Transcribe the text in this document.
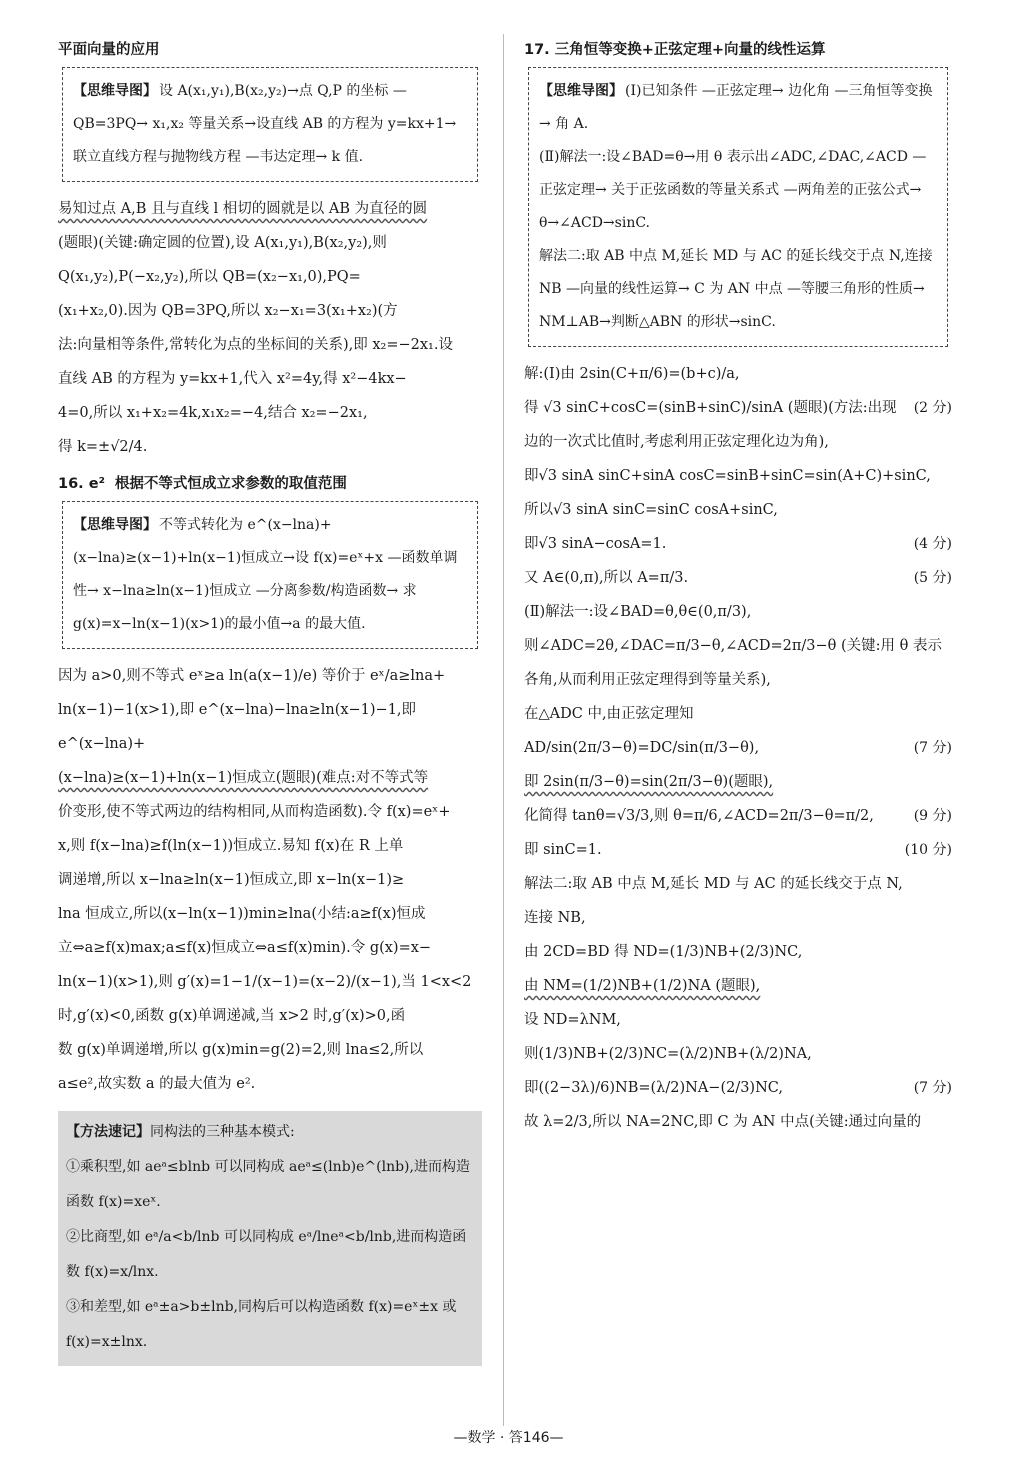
平面向量的应用
【思维导图】 设 A(x₁,y₁),B(x₂,y₂)→点 Q,P 的坐标 —QB=3PQ→ x₁,x₂ 等量关系→设直线 AB 的方程为 y=kx+1→联立直线方程与抛物线方程 —韦达定理→ k 值.

易知过点 A,B 且与直线 l 相切的圆就是以 AB 为直径的圆

(题眼)(关键:确定圆的位置),设 A(x₁,y₁),B(x₂,y₂),则

Q(x₁,y₂),P(−x₂,y₂),所以 QB=(x₂−x₁,0),PQ=

(x₁+x₂,0).因为 QB=3PQ,所以 x₂−x₁=3(x₁+x₂)(方

法:向量相等条件,常转化为点的坐标间的关系),即 x₂=−2x₁.设

直线 AB 的方程为 y=kx+1,代入 x²=4y,得 x²−4kx−

4=0,所以 x₁+x₂=4k,x₁x₂=−4,结合 x₂=−2x₁,

得 k=±√2/4.

16. e² 根据不等式恒成立求参数的取值范围
【思维导图】 不等式转化为 e^(x−lna)+(x−lna)≥(x−1)+ln(x−1)恒成立→设 f(x)=eˣ+x —函数单调性→ x−lna≥ln(x−1)恒成立 —分离参数/构造函数→ 求 g(x)=x−ln(x−1)(x>1)的最小值→a 的最大值.

因为 a>0,则不等式 eˣ≥a ln(a(x−1)/e) 等价于 eˣ/a≥lna+

ln(x−1)−1(x>1),即 e^(x−lna)−lna≥ln(x−1)−1,即 e^(x−lna)+

(x−lna)≥(x−1)+ln(x−1)恒成立(题眼)(难点:对不等式等

价变形,使不等式两边的结构相同,从而构造函数).令 f(x)=eˣ+

x,则 f(x−lna)≥f(ln(x−1))恒成立.易知 f(x)在 R 上单

调递增,所以 x−lna≥ln(x−1)恒成立,即 x−ln(x−1)≥

lna 恒成立,所以(x−ln(x−1))min≥lna(小结:a≥f(x)恒成

立⇔a≥f(x)max;a≤f(x)恒成立⇔a≤f(x)min).令 g(x)=x−

ln(x−1)(x>1),则 g′(x)=1−1/(x−1)=(x−2)/(x−1),当 1<x<2

时,g′(x)<0,函数 g(x)单调递减,当 x>2 时,g′(x)>0,函

数 g(x)单调递增,所以 g(x)min=g(2)=2,则 lna≤2,所以

a≤e²,故实数 a 的最大值为 e².

【方法速记】同构法的三种基本模式:
①乘积型,如 aeᵃ≤blnb 可以同构成 aeᵃ≤(lnb)e^(lnb),进而构造函数 f(x)=xeˣ.
②比商型,如 eᵃ/a<b/lnb 可以同构成 eᵃ/lneᵃ<b/lnb,进而构造函数 f(x)=x/lnx.
③和差型,如 eᵃ±a>b±lnb,同构后可以构造函数 f(x)=eˣ±x 或 f(x)=x±lnx.
17. 三角恒等变换+正弦定理+向量的线性运算
【思维导图】 (Ⅰ)已知条件 —正弦定理→ 边化角 —三角恒等变换→ 角 A.
(Ⅱ)解法一:设∠BAD=θ→用 θ 表示出∠ADC,∠DAC,∠ACD —正弦定理→ 关于正弦函数的等量关系式 —两角差的正弦公式→ θ→∠ACD→sinC.
解法二:取 AB 中点 M,延长 MD 与 AC 的延长线交于点 N,连接 NB —向量的线性运算→ C 为 AN 中点 —等腰三角形的性质→ NM⊥AB→判断△ABN 的形状→sinC.
解:(Ⅰ)由 2sin(C+π/6)=(b+c)/a,
得 √3 sinC+cosC=(sinB+sinC)/sinA (题眼)(方法:出现边的一次式比值时,考虑利用正弦定理化边为角),
(2 分)
即√3 sinA sinC+sinA cosC=sinB+sinC=sin(A+C)+sinC,
所以√3 sinA sinC=sinC cosA+sinC,
即√3 sinA−cosA=1.	(4 分)
又 A∈(0,π),所以 A=π/3.	(5 分)
(Ⅱ)解法一:设∠BAD=θ,θ∈(0,π/3),
则∠ADC=2θ,∠DAC=π/3−θ,∠ACD=2π/3−θ (关键:用 θ 表示各角,从而利用正弦定理得到等量关系),
在△ADC 中,由正弦定理知
AD/sin(2π/3−θ)=DC/sin(π/3−θ),	(7 分)
即 2sin(π/3−θ)=sin(2π/3−θ)(题眼),
化简得 tanθ=√3/3,则 θ=π/6,∠ACD=2π/3−θ=π/2,	(9 分)
即 sinC=1.	(10 分)
解法二:取 AB 中点 M,延长 MD 与 AC 的延长线交于点 N,
连接 NB,
由 2CD=BD 得 ND=(1/3)NB+(2/3)NC,
由 NM=(1/2)NB+(1/2)NA (题眼),
设 ND=λNM,
则(1/3)NB+(2/3)NC=(λ/2)NB+(λ/2)NA,
即((2−3λ)/6)NB=(λ/2)NA−(2/3)NC,	(7 分)
故 λ=2/3,所以 NA=2NC,即 C 为 AN 中点(关键:通过向量的
—数学 · 答146—
